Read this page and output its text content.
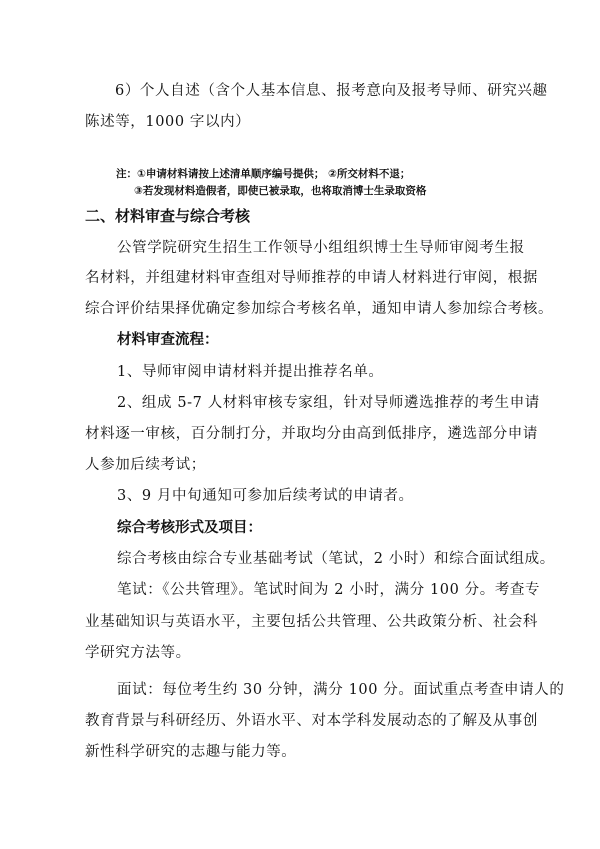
6）个人自述（含个人基本信息、报考意向及报考导师、研究兴趣
陈述等，1000 字以内）
注：①申请材料请按上述清单顺序编号提供； ②所交材料不退；
③若发现材料造假者，即使已被录取，也将取消博士生录取资格
二、材料审查与综合考核
公管学院研究生招生工作领导小组组织博士生导师审阅考生报
名材料，并组建材料审查组对导师推荐的申请人材料进行审阅，根据
综合评价结果择优确定参加综合考核名单，通知申请人参加综合考核。
材料审查流程：
1、导师审阅申请材料并提出推荐名单。
2、组成 5-7 人材料审核专家组，针对导师遴选推荐的考生申请
材料逐一审核，百分制打分，并取均分由高到低排序，遴选部分申请
人参加后续考试；
3、9 月中旬通知可参加后续考试的申请者。
综合考核形式及项目：
综合考核由综合专业基础考试（笔试，2 小时）和综合面试组成。
笔试：《公共管理》。笔试时间为 2 小时，满分 100 分。考查专
业基础知识与英语水平，主要包括公共管理、公共政策分析、社会科
学研究方法等。
面试：每位考生约 30 分钟，满分 100 分。面试重点考查申请人的
教育背景与科研经历、外语水平、对本学科发展动态的了解及从事创
新性科学研究的志趣与能力等。
